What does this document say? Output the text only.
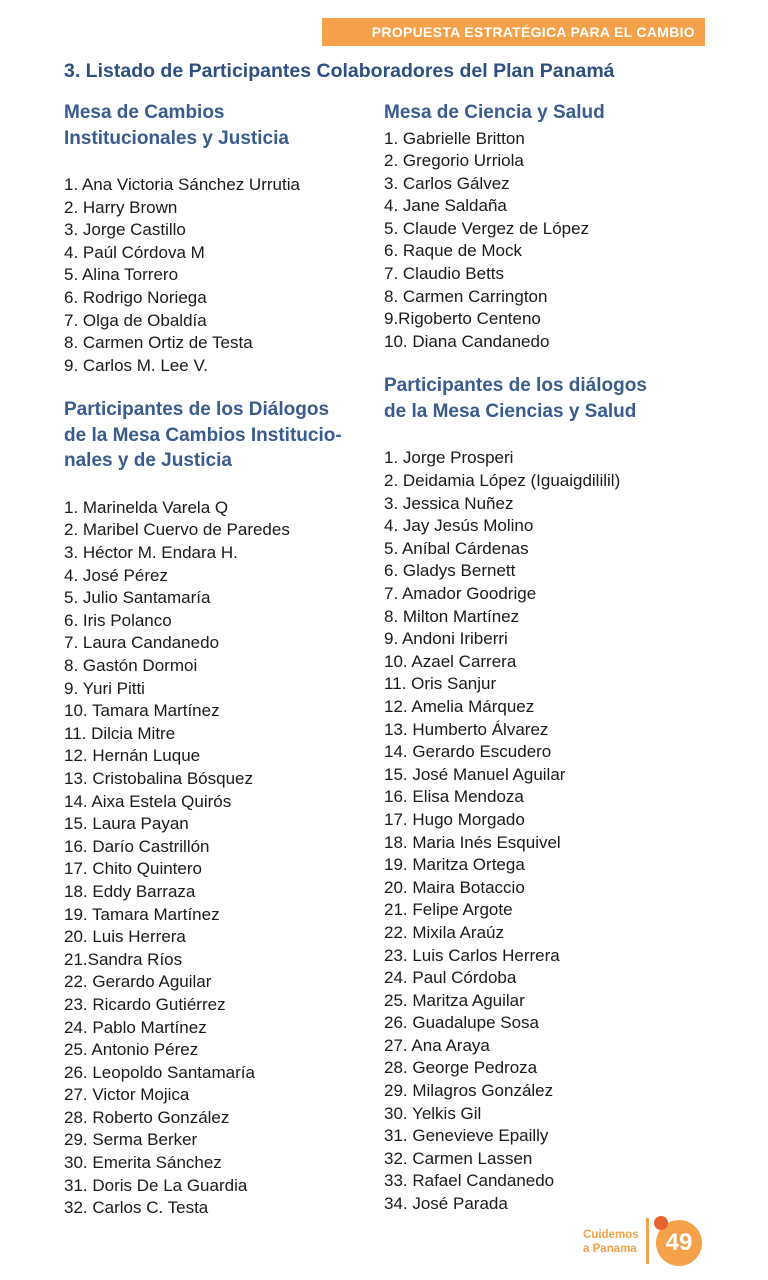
PROPUESTA ESTRATÉGICA PARA EL CAMBIO
3. Listado de Participantes Colaboradores del Plan Panamá
Mesa de Cambios
Institucionales y Justicia
1. Ana Victoria Sánchez Urrutia
2. Harry Brown
3. Jorge Castillo
4. Paúl Córdova M
5. Alina Torrero
6. Rodrigo Noriega
7. Olga de Obaldía
8. Carmen Ortiz de Testa
9. Carlos M. Lee V.
Participantes de los Diálogos
de la Mesa Cambios Institucio-
nales y de Justicia
1. Marinelda Varela Q
2. Maribel Cuervo de Paredes
3. Héctor M. Endara H.
4. José Pérez
5. Julio Santamaría
6. Iris Polanco
7. Laura Candanedo
8. Gastón Dormoi
9. Yuri Pitti
10. Tamara Martínez
11. Dilcia Mitre
12. Hernán Luque
13. Cristobalina Bósquez
14. Aixa Estela Quirós
15. Laura Payan
16. Darío Castrillón
17. Chito Quintero
18. Eddy Barraza
19. Tamara Martínez
20. Luis Herrera
21.Sandra Ríos
22. Gerardo Aguilar
23. Ricardo Gutiérrez
24. Pablo Martínez
25. Antonio Pérez
26. Leopoldo Santamaría
27. Victor Mojica
28. Roberto González
29. Serma Berker
30. Emerita Sánchez
31. Doris De La Guardia
32. Carlos C. Testa
Mesa de Ciencia y Salud
1. Gabrielle Britton
2. Gregorio Urriola
3. Carlos Gálvez
4. Jane Saldaña
5. Claude Vergez de López
6. Raque de Mock
7. Claudio Betts
8. Carmen Carrington
9.Rigoberto Centeno
10. Diana Candanedo
Participantes de los diálogos
de la Mesa Ciencias y Salud
1. Jorge Prosperi
2. Deidamia López (Iguaigdililil)
3. Jessica Nuñez
4. Jay Jesús Molino
5. Aníbal Cárdenas
6. Gladys Bernett
7. Amador Goodrige
8. Milton Martínez
9. Andoni Iriberri
10. Azael Carrera
11. Oris Sanjur
12. Amelia Márquez
13. Humberto Álvarez
14. Gerardo Escudero
15. José Manuel Aguilar
16. Elisa Mendoza
17. Hugo Morgado
18. Maria Inés Esquivel
19. Maritza Ortega
20. Maira Botaccio
21. Felipe Argote
22. Mixila Araúz
23. Luis Carlos Herrera
24. Paul Córdoba
25. Maritza Aguilar
26. Guadalupe Sosa
27. Ana Araya
28. George Pedroza
29. Milagros González
30. Yelkis Gil
31. Genevieve Epailly
32. Carmen Lassen
33. Rafael Candanedo
34. José Parada
Cuidemos
a Panama 49
